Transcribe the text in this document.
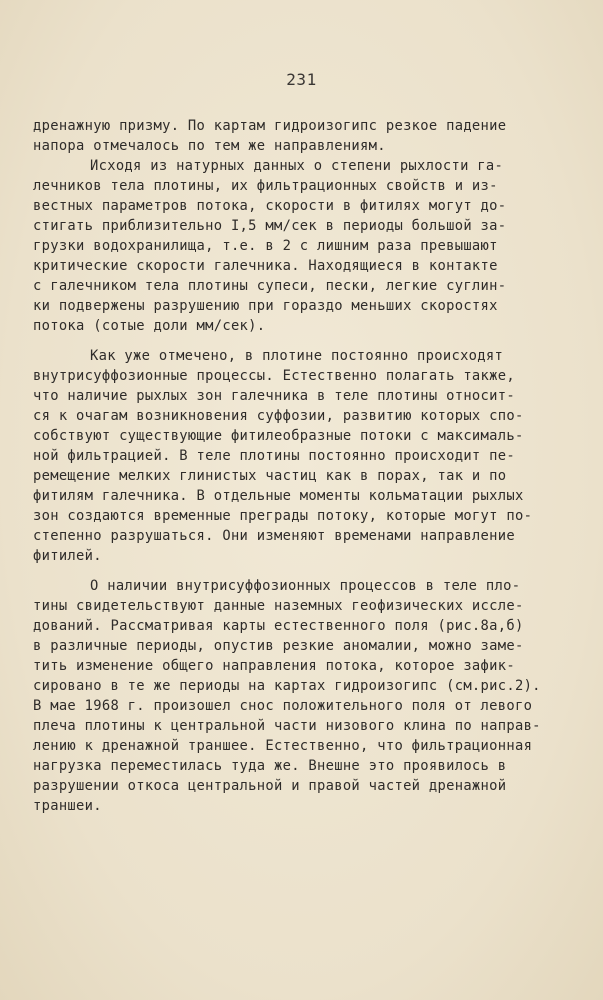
231
дренажную призму. По картам гидроизогипс резкое падение
напора отмечалось по тем же направлениям.
Исходя из натурных данных о степени рыхлости га-
лечников тела плотины, их фильтрационных свойств и из-
вестных параметров потока, скорости в фитилях могут до-
стигать приблизительно I,5 мм/сек в периоды большой за-
грузки водохранилища, т.е. в 2 с лишним раза превышают
критические скорости галечника. Находящиеся в контакте
с галечником тела плотины супеси, пески, легкие суглин-
ки подвержены разрушению при гораздо меньших скоростях
потока (сотые доли мм/сек).
Как уже отмечено, в плотине постоянно происходят
внутрисуффозионные процессы. Естественно полагать также,
что наличие рыхлых зон галечника в теле плотины относит-
ся к очагам возникновения суффозии, развитию которых спо-
собствуют существующие фитилеобразные потоки с максималь-
ной фильтрацией. В теле плотины постоянно происходит пе-
ремещение мелких глинистых частиц как в порах, так и по
фитилям галечника. В отдельные моменты кольматации рыхлых
зон создаются временные преграды потоку, которые могут по-
степенно разрушаться. Они изменяют временами направление
фитилей.
О наличии внутрисуффозионных процессов в теле пло-
тины свидетельствуют данные наземных геофизических иссле-
дований. Рассматривая карты естественного поля (рис.8а,б)
в различные периоды, опустив резкие аномалии, можно заме-
тить изменение общего направления потока, которое зафик-
сировано в те же периоды на картах гидроизогипс (см.рис.2).
В мае 1968 г. произошел снос положительного поля от левого
плеча плотины к центральной части низового клина по направ-
лению к дренажной траншее. Естественно, что фильтрационная
нагрузка переместилась туда же. Внешне это проявилось в
разрушении откоса центральной и правой частей дренажной
траншеи.
